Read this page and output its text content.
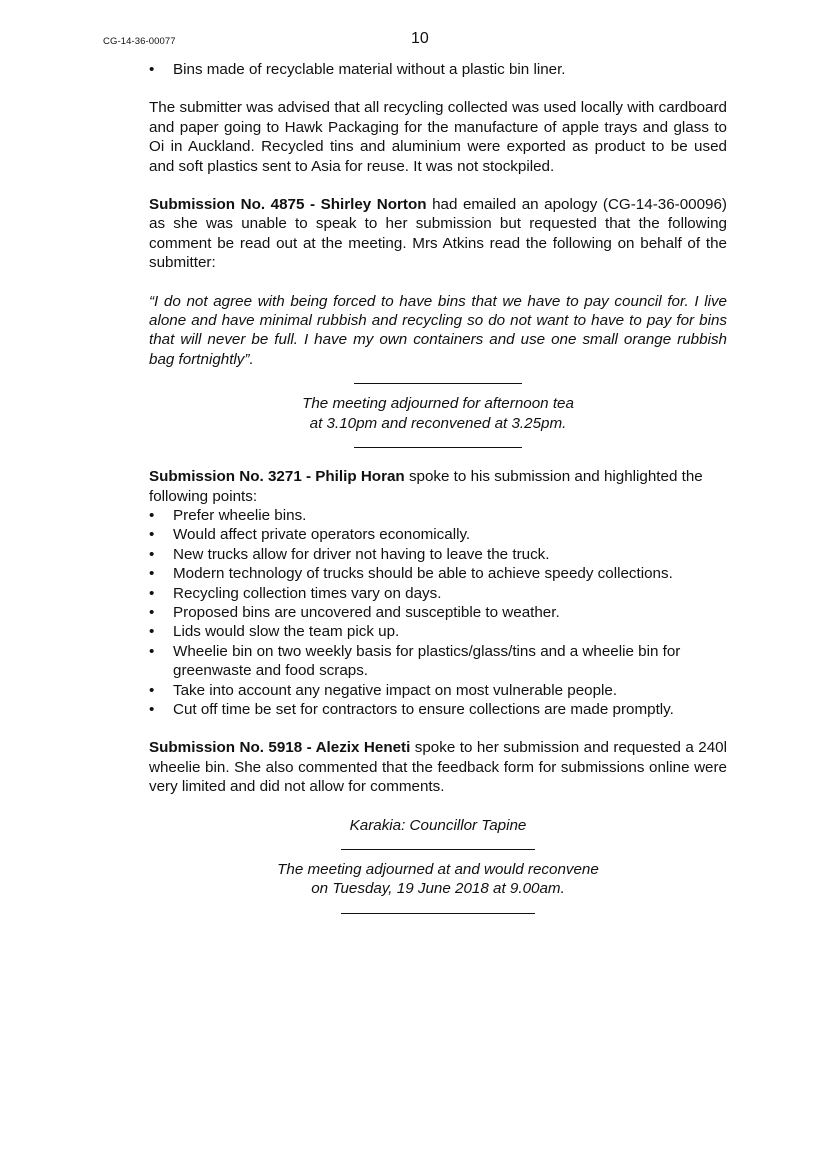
CG-14-36-00077	10
• Bins made of recyclable material without a plastic bin liner.

The submitter was advised that all recycling collected was used locally with cardboard and paper going to Hawk Packaging for the manufacture of apple trays and glass to Oi in Auckland. Recycled tins and aluminium were exported as product to be used and soft plastics sent to Asia for reuse. It was not stockpiled.

Submission No. 4875 - Shirley Norton had emailed an apology (CG-14-36-00096) as she was unable to speak to her submission but requested that the following comment be read out at the meeting. Mrs Atkins read the following on behalf of the submitter:

“I do not agree with being forced to have bins that we have to pay council for. I live alone and have minimal rubbish and recycling so do not want to have to pay for bins that will never be full. I have my own containers and use one small orange rubbish bag fortnightly”.

The meeting adjourned for afternoon tea
at 3.10pm and reconvened at 3.25pm.

Submission No. 3271 - Philip Horan spoke to his submission and highlighted the following points:

• Prefer wheelie bins.
• Would affect private operators economically.
• New trucks allow for driver not having to leave the truck.
• Modern technology of trucks should be able to achieve speedy collections.
• Recycling collection times vary on days.
• Proposed bins are uncovered and susceptible to weather.
• Lids would slow the team pick up.
• Wheelie bin on two weekly basis for plastics/glass/tins and a wheelie bin for greenwaste and food scraps.
• Take into account any negative impact on most vulnerable people.
• Cut off time be set for contractors to ensure collections are made promptly.

Submission No. 5918 - Alezix Heneti spoke to her submission and requested a 240l wheelie bin. She also commented that the feedback form for submissions online were very limited and did not allow for comments.

Karakia: Councillor Tapine
The meeting adjourned at and would reconvene
on Tuesday, 19 June 2018 at 9.00am.
